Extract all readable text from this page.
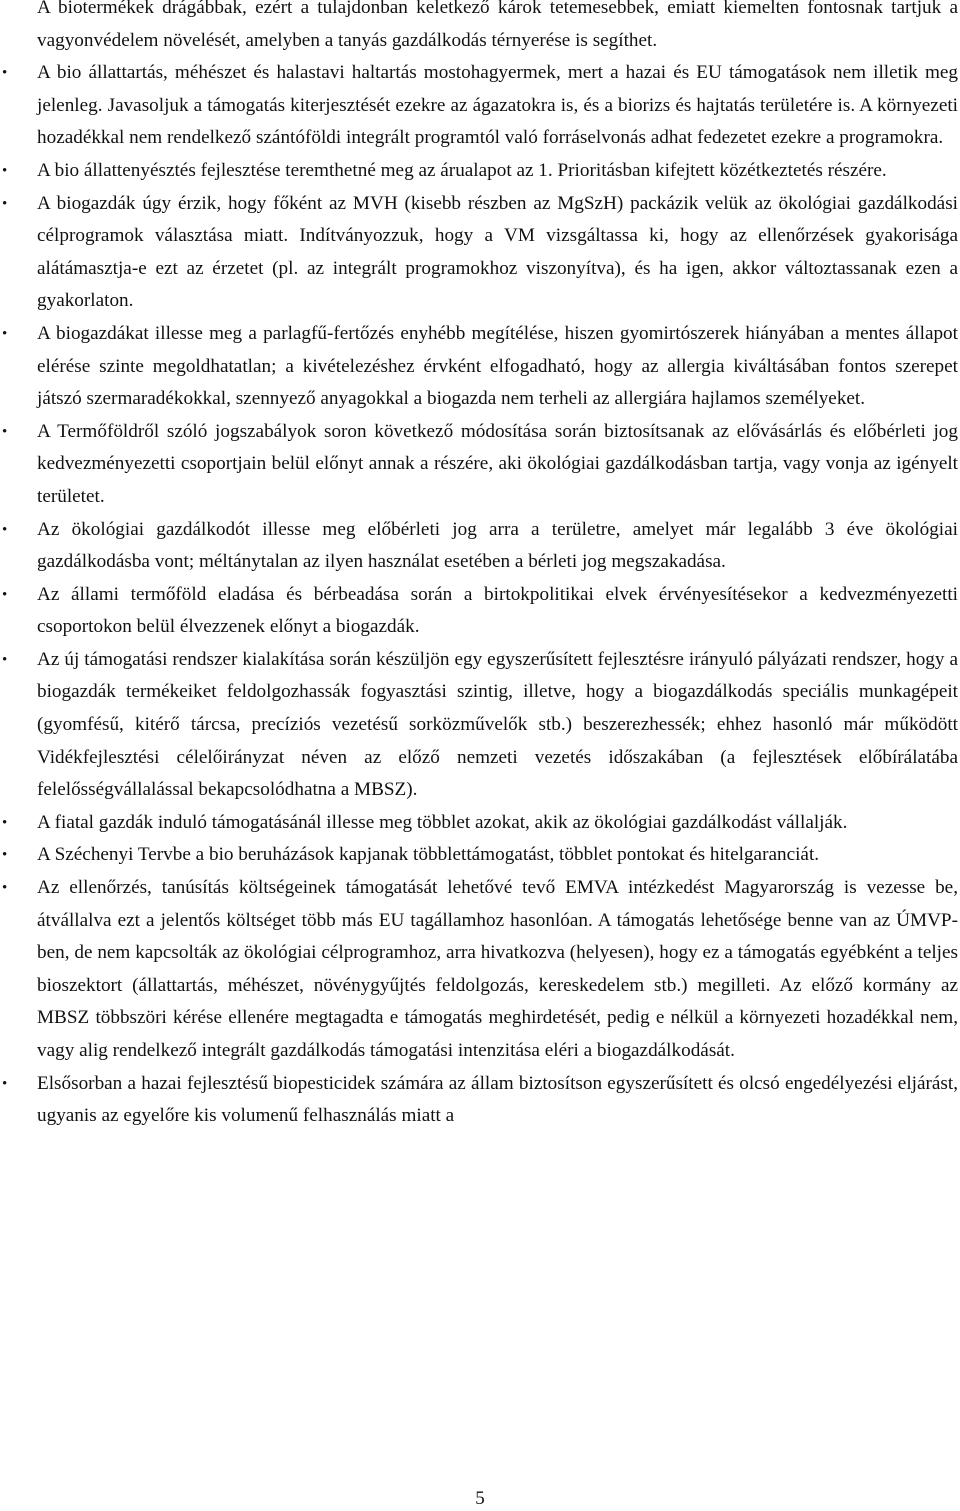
A biotermékek drágábbak, ezért a tulajdonban keletkező károk tetemesebbek, emiatt kiemelten fontosnak tartjuk a vagyonvédelem növelését, amelyben a tanyás gazdálkodás térnyerése is segíthet.
• A bio állattartás, méhészet és halastavi haltartás mostohagyermek, mert a hazai és EU támogatások nem illetik meg jelenleg. Javasoljuk a támogatás kiterjesztését ezekre az ágazatokra is, és a biorizs és hajtatás területére is. A környezeti hozadékkal nem rendelkező szántóföldi integrált programtól való forráselvonás adhat fedezetet ezekre a programokra.
• A bio állattenyésztés fejlesztése teremthetné meg az árualapot az 1. Prioritásban kifejtett közétkeztetés részére.
• A biogazdák úgy érzik, hogy főként az MVH (kisebb részben az MgSzH) packázik velük az ökológiai gazdálkodási célprogramok választása miatt. Indítványozzuk, hogy a VM vizsgáltassa ki, hogy az ellenőrzések gyakorisága alátámasztja-e ezt az érzetet (pl. az integrált programokhoz viszonyítva), és ha igen, akkor változtassanak ezen a gyakorlaton.
• A biogazdákat illesse meg a parlagfű-fertőzés enyhébb megítélése, hiszen gyomirtószerek hiányában a mentes állapot elérése szinte megoldhatatlan; a kivételezéshez érvként elfogadható, hogy az allergia kiváltásában fontos szerepet játszó szermaradékokkal, szennyező anyagokkal a biogazda nem terheli az allergiára hajlamos személyeket.
• A Termőföldről szóló jogszabályok soron következő módosítása során biztosítsanak az elővásárlás és előbérleti jog kedvezményezetti csoportjain belül előnyt annak a részére, aki ökológiai gazdálkodásban tartja, vagy vonja az igényelt területet.
• Az ökológiai gazdálkodót illesse meg előbérleti jog arra a területre, amelyet már legalább 3 éve ökológiai gazdálkodásba vont; méltánytalan az ilyen használat esetében a bérleti jog megszakadása.
• Az állami termőföld eladása és bérbeadása során a birtokpolitikai elvek érvényesítésekor a kedvezményezetti csoportokon belül élvezzenek előnyt a biogazdák.
• Az új támogatási rendszer kialakítása során készüljön egy egyszerűsített fejlesztésre irányuló pályázati rendszer, hogy a biogazdák termékeiket feldolgozhassák fogyasztási szintig, illetve, hogy a biogazdálkodás speciális munkagépeit (gyomfésű, kitérő tárcsa, precíziós vezetésű sorközművelők stb.) beszerezhessék; ehhez hasonló már működött Vidékfejlesztési célelőirányzat néven az előző nemzeti vezetés időszakában (a fejlesztések előbírálatába felelősségvállalással bekapcsolódhatna a MBSZ).
• A fiatal gazdák induló támogatásánál illesse meg többlet azokat, akik az ökológiai gazdálkodást vállalják.
• A Széchenyi Tervbe a bio beruházások kapjanak többlettámogatást, többlet pontokat és hitelgaranciát.
• Az ellenőrzés, tanúsítás költségeinek támogatását lehetővé tevő EMVA intézkedést Magyarország is vezesse be, átvállalva ezt a jelentős költséget több más EU tagállamhoz hasonlóan. A támogatás lehetősége benne van az ÚMVP-ben, de nem kapcsolták az ökológiai célprogramhoz, arra hivatkozva (helyesen), hogy ez a támogatás egyébként a teljes bioszektort (állattartás, méhészet, növénygyűjtés feldolgozás, kereskedelem stb.) megilleti. Az előző kormány az MBSZ többszöri kérése ellenére megtagadta e támogatás meghirdetését, pedig e nélkül a környezeti hozadékkal nem, vagy alig rendelkező integrált gazdálkodás támogatási intenzitása eléri a biogazdálkodását.
• Elsősorban a hazai fejlesztésű biopesticidek számára az állam biztosítson egyszerűsített és olcsó engedélyezési eljárást, ugyanis az egyelőre kis volumenű felhasználás miatt a
5
